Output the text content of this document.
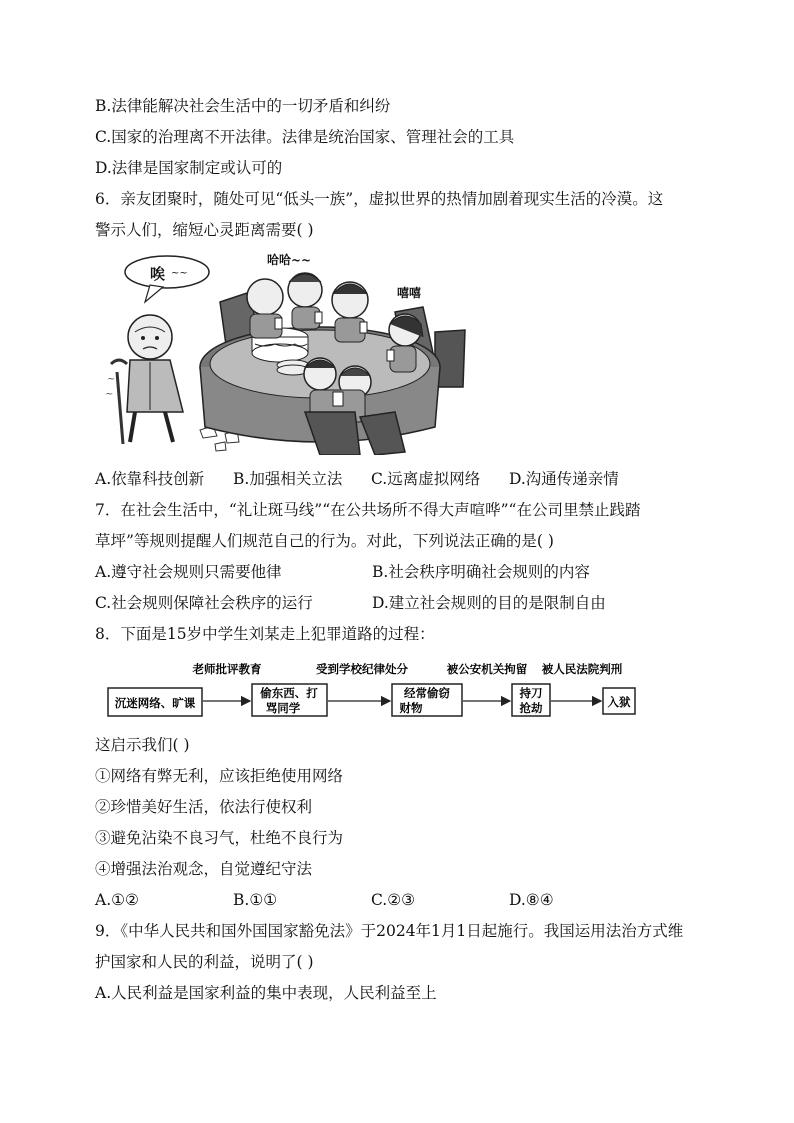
B.法律能解决社会生活中的一切矛盾和纠纷
C.国家的治理离不开法律。法律是统治国家、管理社会的工具
D.法律是国家制定或认可的
6．亲友团聚时，随处可见“低头一族”，虚拟世界的热情加剧着现实生活的冷漠。这
警示人们，缩短心灵距离需要( )
唉 ~~
~
~
哈哈~~
嘻嘻
A.依靠科技创新 B.加强相关立法 C.远离虚拟网络 D.沟通传递亲情
7．在社会生活中，“礼让斑马线”“在公共场所不得大声喧哗”“在公司里禁止践踏
草坪”等规则提醒人们规范自己的行为。对此，下列说法正确的是( )
A.遵守社会规则只需要他律	B.社会秩序明确社会规则的内容
C.社会规则保障社会秩序的运行	D.建立社会规则的目的是限制自由
8．下面是15岁中学生刘某走上犯罪道路的过程：
老师批评教育	受到学校纪律处分	被公安机关拘留 被人民法院判刑
沉迷网络、旷课
偷东西、打
骂同学
经常偷窃
财物
持刀
抢劫	入狱
这启示我们( )
①网络有弊无利，应该拒绝使用网络
②珍惜美好生活，依法行使权利
③避免沾染不良习气，杜绝不良行为
④增强法治观念，自觉遵纪守法
A.①②	B.①①	C.②③	D.⑧④
9．《中华人民共和国外国国家豁免法》于2024年1月1日起施行。我国运用法治方式维
护国家和人民的利益，说明了( )
A.人民利益是国家利益的集中表现，人民利益至上
